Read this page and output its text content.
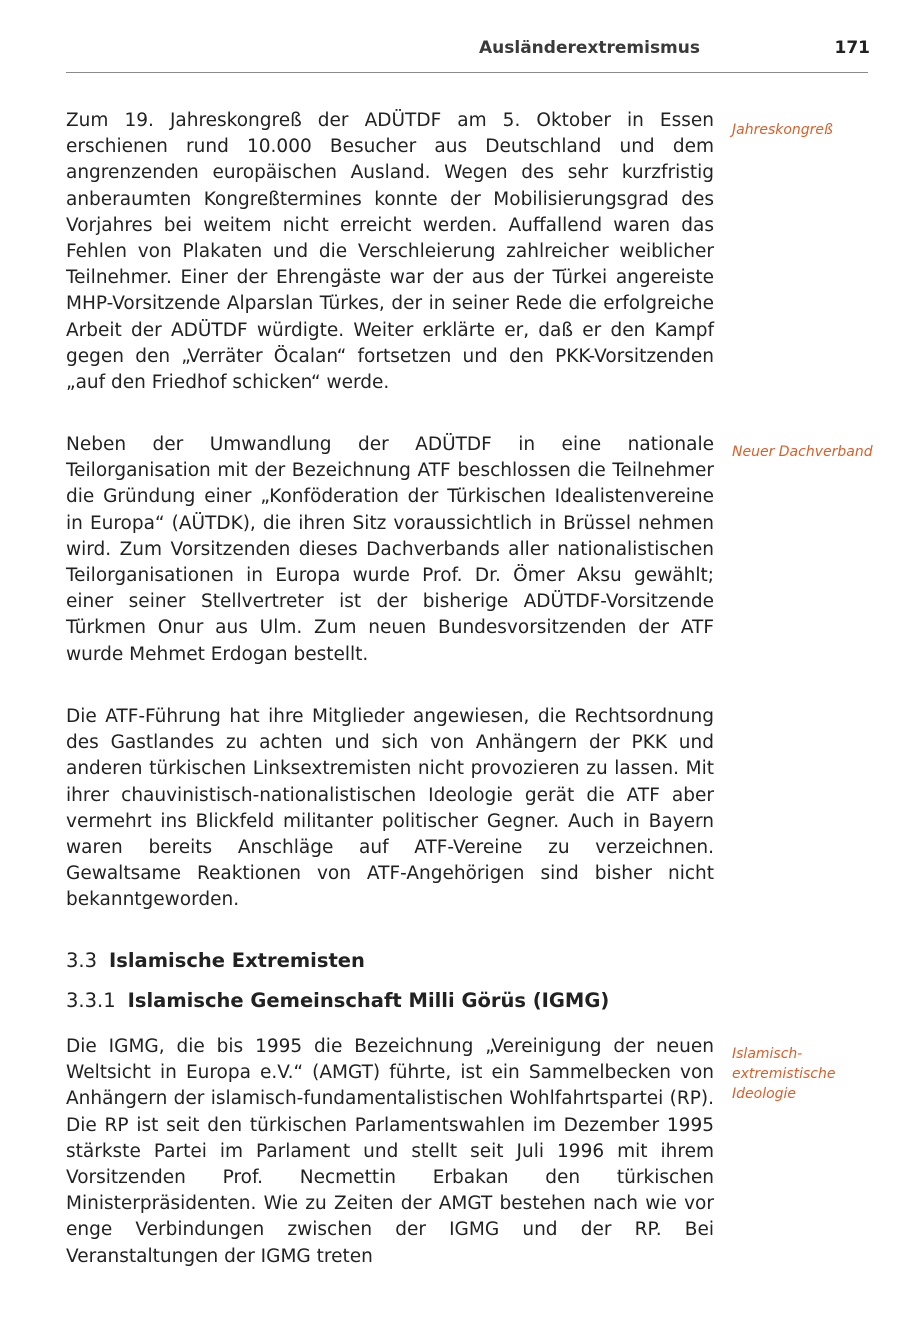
Ausländerextremismus	171

Zum 19. Jahreskongreß der ADÜTDF am 5. Oktober in Essen erschienen rund 10.000 Besucher aus Deutschland und dem angrenzenden europäischen Ausland. Wegen des sehr kurzfristig anberaumten Kongreßtermines konnte der Mobilisierungsgrad des Vorjahres bei weitem nicht erreicht werden. Auffallend waren das Fehlen von Plakaten und die Verschleierung zahlreicher weiblicher Teilnehmer. Einer der Ehrengäste war der aus der Türkei angereiste MHP-Vorsitzende Alparslan Türkes, der in seiner Rede die erfolgreiche Arbeit der ADÜTDF würdigte. Weiter erklärte er, daß er den Kampf gegen den „Verräter Öcalan“ fortsetzen und den PKK-Vorsitzenden „auf den Friedhof schicken“ werde.

Jahreskongreß

Neben der Umwandlung der ADÜTDF in eine nationale Teilorganisation mit der Bezeichnung ATF beschlossen die Teilnehmer die Gründung einer „Konföderation der Türkischen Idealistenvereine in Europa“ (AÜTDK), die ihren Sitz voraussichtlich in Brüssel nehmen wird. Zum Vorsitzenden dieses Dachverbands aller nationalistischen Teilorganisationen in Europa wurde Prof. Dr. Ömer Aksu gewählt; einer seiner Stellvertreter ist der bisherige ADÜTDF-Vorsitzende Türkmen Onur aus Ulm. Zum neuen Bundesvorsitzenden der ATF wurde Mehmet Erdogan bestellt.

Neuer Dachverband

Die ATF-Führung hat ihre Mitglieder angewiesen, die Rechtsordnung des Gastlandes zu achten und sich von Anhängern der PKK und anderen türkischen Linksextremisten nicht provozieren zu lassen. Mit ihrer chauvinistisch-nationalistischen Ideologie gerät die ATF aber vermehrt ins Blickfeld militanter politischer Gegner. Auch in Bayern waren bereits Anschläge auf ATF-Vereine zu verzeichnen. Gewaltsame Reaktionen von ATF-Angehörigen sind bisher nicht bekanntgeworden.

3.3 Islamische Extremisten
3.3.1 Islamische Gemeinschaft Milli Görüs (IGMG)

Die IGMG, die bis 1995 die Bezeichnung „Vereinigung der neuen Weltsicht in Europa e.V.“ (AMGT) führte, ist ein Sammelbecken von Anhängern der islamisch-fundamentalistischen Wohlfahrtspartei (RP). Die RP ist seit den türkischen Parlamentswahlen im Dezember 1995 stärkste Partei im Parlament und stellt seit Juli 1996 mit ihrem Vorsitzenden Prof. Necmettin Erbakan den türkischen Ministerpräsidenten. Wie zu Zeiten der AMGT bestehen nach wie vor enge Verbindungen zwischen der IGMG und der RP. Bei Veranstaltungen der IGMG treten

Islamisch-extremistische Ideologie
